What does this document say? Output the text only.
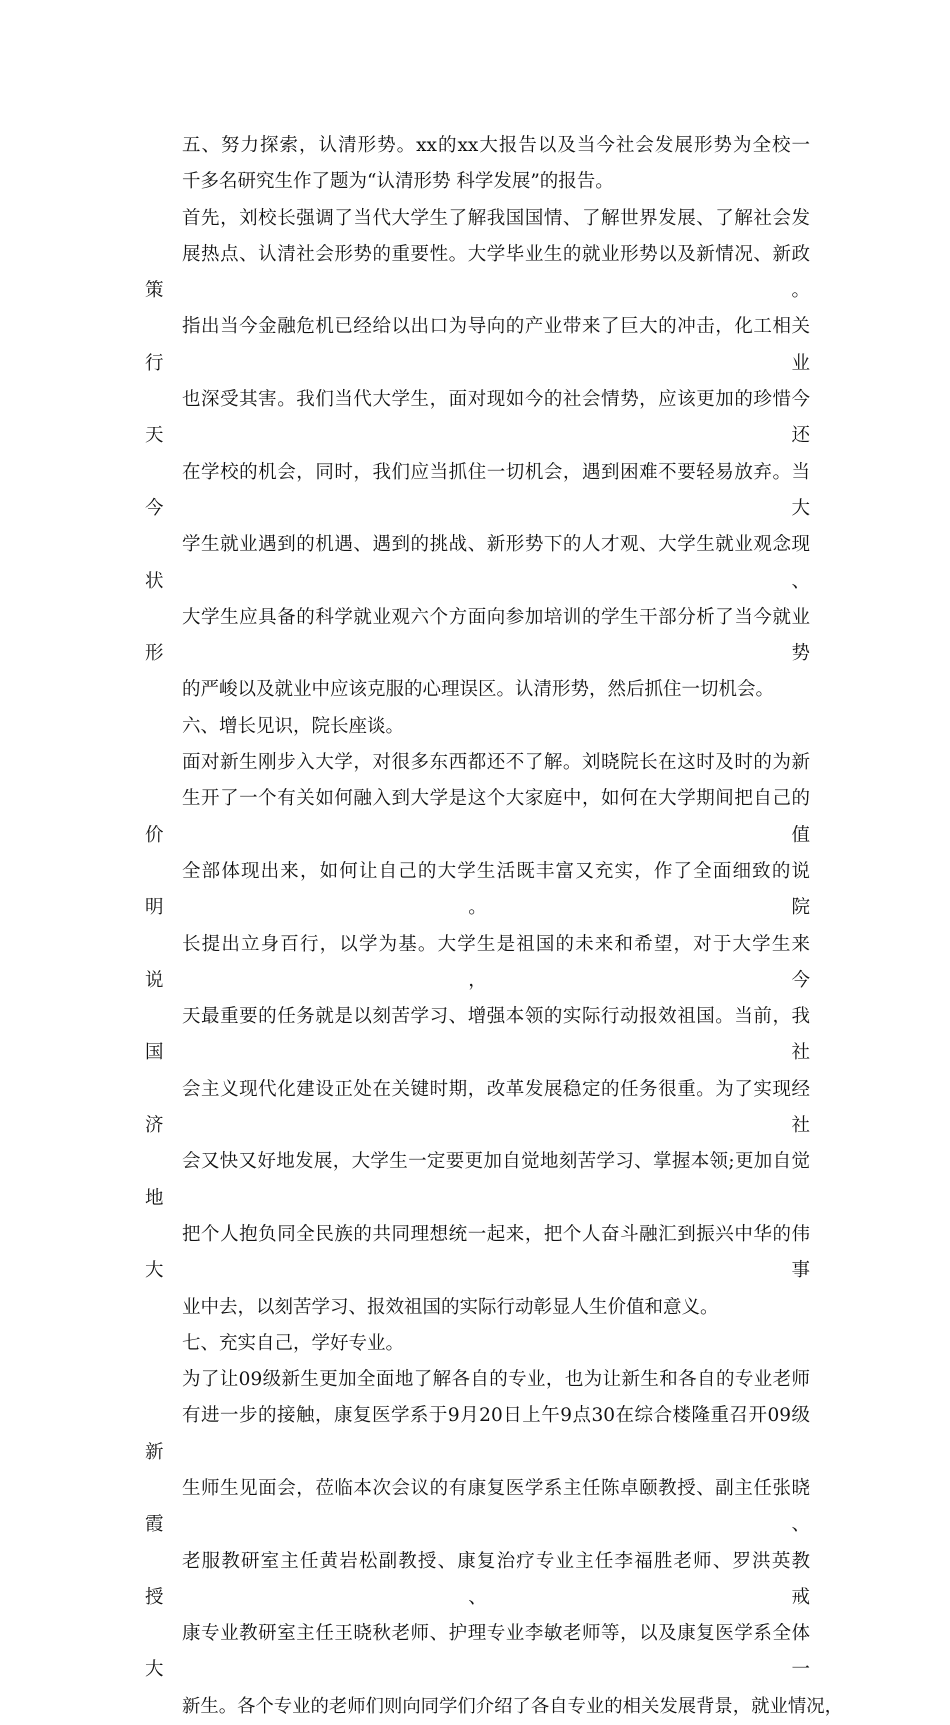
五、努力探索，认清形势。xx的xx大报告以及当今社会发展形势为全校一
千多名研究生作了题为“认清形势 科学发展”的报告。

首先，刘校长强调了当代大学生了解我国国情、了解世界发展、了解社会发
展热点、认清社会形势的重要性。大学毕业生的就业形势以及新情况、新政策。
指出当今金融危机已经给以出口为导向的产业带来了巨大的冲击，化工相关行业
也深受其害。我们当代大学生，面对现如今的社会情势，应该更加的珍惜今天还
在学校的机会，同时，我们应当抓住一切机会，遇到困难不要轻易放弃。当今大
学生就业遇到的机遇、遇到的挑战、新形势下的人才观、大学生就业观念现状、
大学生应具备的科学就业观六个方面向参加培训的学生干部分析了当今就业形势
的严峻以及就业中应该克服的心理误区。认清形势，然后抓住一切机会。

六、增长见识，院长座谈。

面对新生刚步入大学，对很多东西都还不了解。刘晓院长在这时及时的为新
生开了一个有关如何融入到大学是这个大家庭中，如何在大学期间把自己的价值
全部体现出来，如何让自己的大学生活既丰富又充实，作了全面细致的说明。院
长提出立身百行，以学为基。大学生是祖国的未来和希望，对于大学生来说，今
天最重要的任务就是以刻苦学习、增强本领的实际行动报效祖国。当前，我国社
会主义现代化建设正处在关键时期，改革发展稳定的任务很重。为了实现经济社
会又快又好地发展，大学生一定要更加自觉地刻苦学习、掌握本领;更加自觉地
把个人抱负同全民族的共同理想统一起来，把个人奋斗融汇到振兴中华的伟大事
业中去，以刻苦学习、报效祖国的实际行动彰显人生价值和意义。

七、充实自己，学好专业。

为了让09级新生更加全面地了解各自的专业，也为让新生和各自的专业老师
有进一步的接触，康复医学系于9月20日上午9点30在综合楼隆重召开09级新
生师生见面会，莅临本次会议的有康复医学系主任陈卓颐教授、副主任张晓霞、
老服教研室主任黄岩松副教授、康复治疗专业主任李福胜老师、罗洪英教授、戒
康专业教研室主任王晓秋老师、护理专业李敏老师等，以及康复医学系全体大一
新生。各个专业的老师们则向同学们介绍了各自专业的相关发展背景，就业情况，
